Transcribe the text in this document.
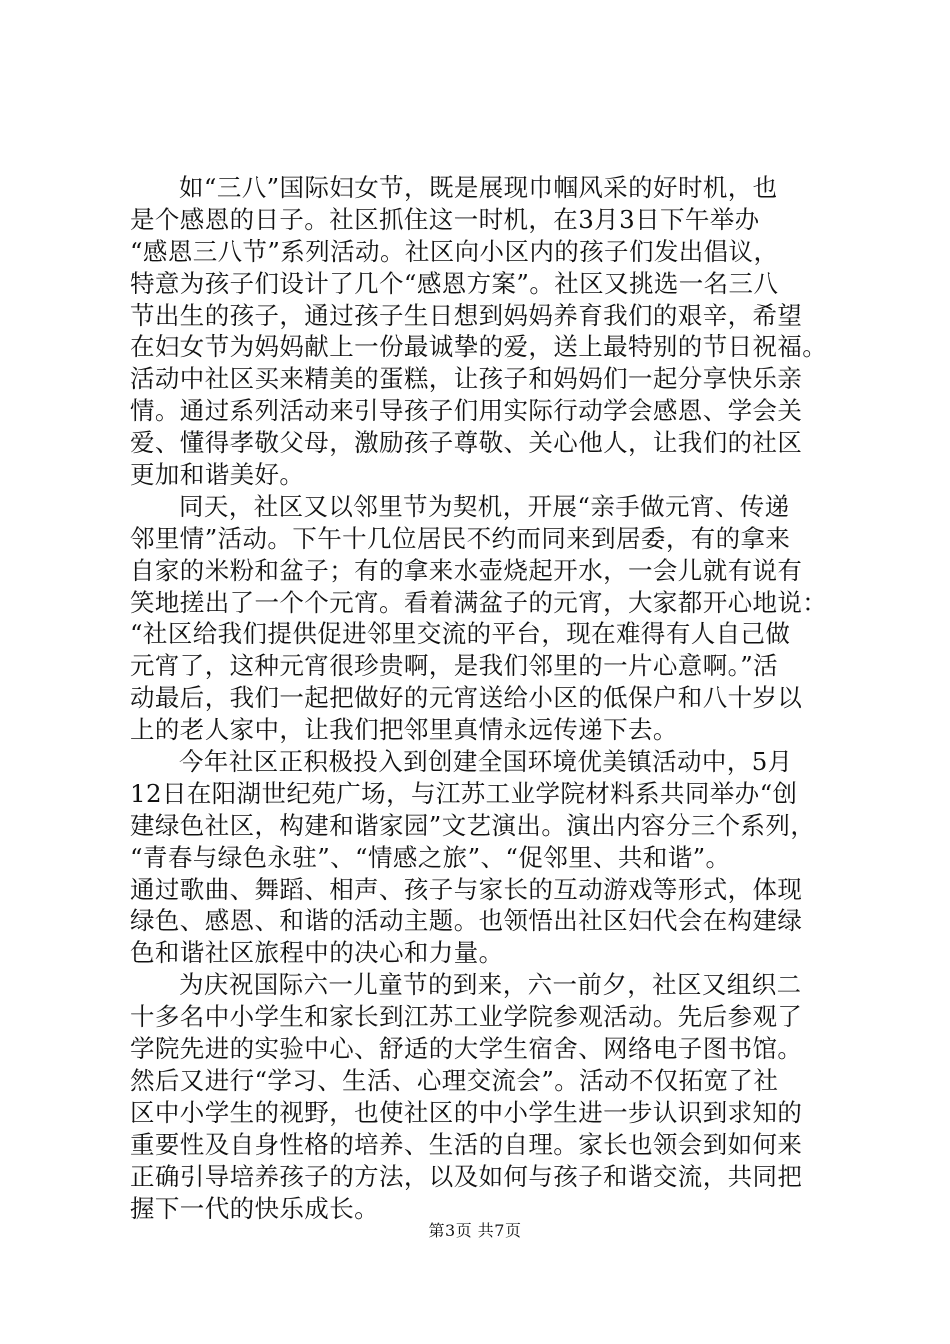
如“三八”国际妇女节，既是展现巾帼风采的好时机，也
是个感恩的日子。社区抓住这一时机，在3月3日下午举办
“感恩三八节”系列活动。社区向小区内的孩子们发出倡议，
特意为孩子们设计了几个“感恩方案”。社区又挑选一名三八
节出生的孩子，通过孩子生日想到妈妈养育我们的艰辛，希望
在妇女节为妈妈献上一份最诚挚的爱，送上最特别的节日祝福。
活动中社区买来精美的蛋糕，让孩子和妈妈们一起分享快乐亲
情。通过系列活动来引导孩子们用实际行动学会感恩、学会关
爱、懂得孝敬父母，激励孩子尊敬、关心他人，让我们的社区
更加和谐美好。
同天，社区又以邻里节为契机，开展“亲手做元宵、传递
邻里情”活动。下午十几位居民不约而同来到居委，有的拿来
自家的米粉和盆子；有的拿来水壶烧起开水，一会儿就有说有
笑地搓出了一个个元宵。看着满盆子的元宵，大家都开心地说：
“社区给我们提供促进邻里交流的平台，现在难得有人自己做
元宵了，这种元宵很珍贵啊，是我们邻里的一片心意啊。”活
动最后，我们一起把做好的元宵送给小区的低保户和八十岁以
上的老人家中，让我们把邻里真情永远传递下去。
今年社区正积极投入到创建全国环境优美镇活动中，5月
12日在阳湖世纪苑广场，与江苏工业学院材料系共同举办“创
建绿色社区，构建和谐家园”文艺演出。演出内容分三个系列，
“青春与绿色永驻”、“情感之旅”、“促邻里、共和谐”。
通过歌曲、舞蹈、相声、孩子与家长的互动游戏等形式，体现
绿色、感恩、和谐的活动主题。也领悟出社区妇代会在构建绿
色和谐社区旅程中的决心和力量。
为庆祝国际六一儿童节的到来，六一前夕，社区又组织二
十多名中小学生和家长到江苏工业学院参观活动。先后参观了
学院先进的实验中心、舒适的大学生宿舍、网络电子图书馆。
然后又进行“学习、生活、心理交流会”。活动不仅拓宽了社
区中小学生的视野，也使社区的中小学生进一步认识到求知的
重要性及自身性格的培养、生活的自理。家长也领会到如何来
正确引导培养孩子的方法，以及如何与孩子和谐交流，共同把
握下一代的快乐成长。
第3页 共7页
